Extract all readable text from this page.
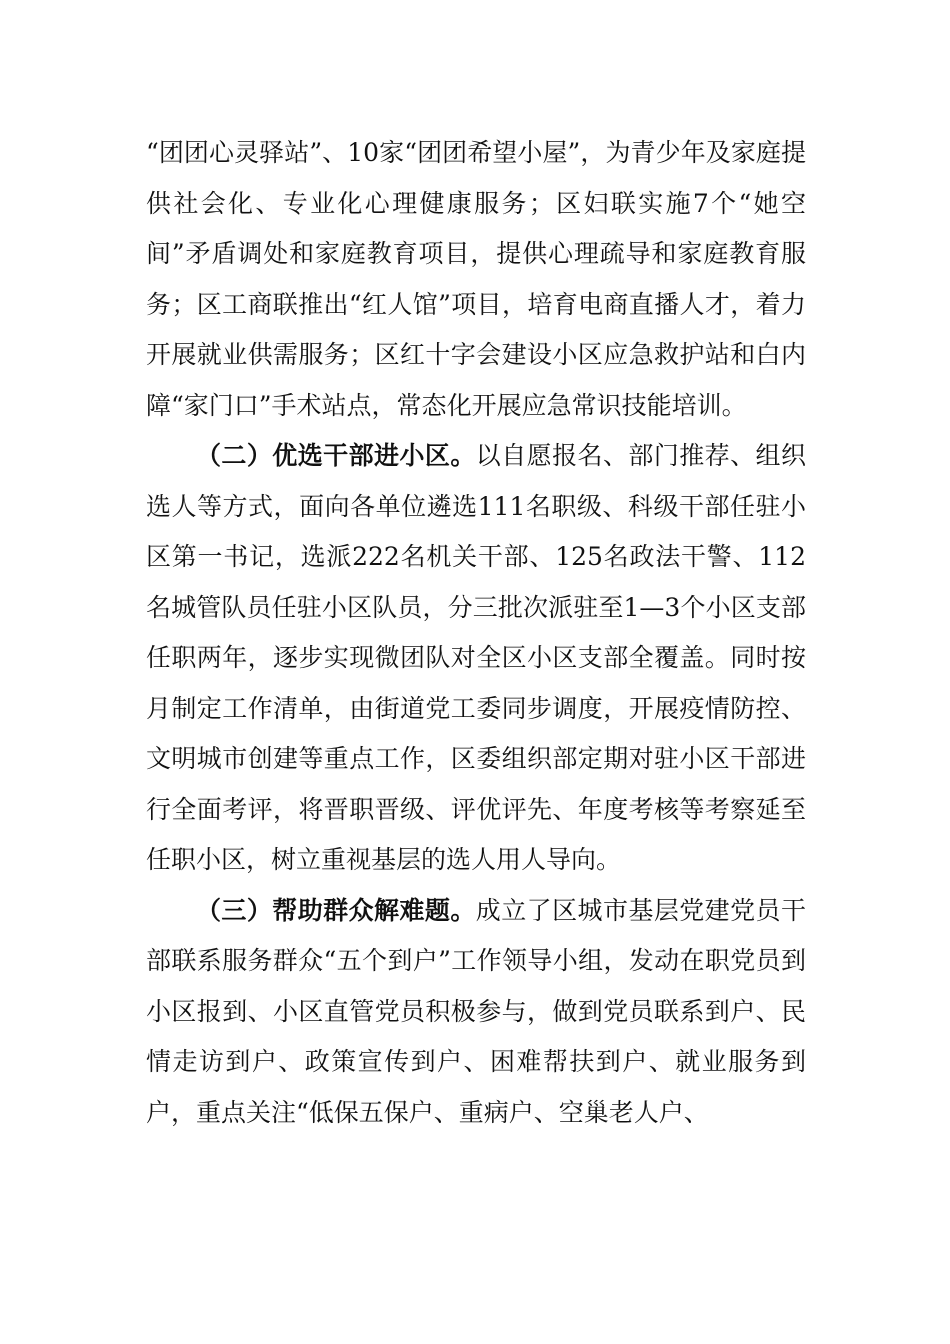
“团团心灵驿站”、10家“团团希望小屋”，为青少年及家庭提供社会化、专业化心理健康服务；区妇联实施7个“她空间”矛盾调处和家庭教育项目，提供心理疏导和家庭教育服务；区工商联推出“红人馆”项目，培育电商直播人才，着力开展就业供需服务；区红十字会建设小区应急救护站和白内障“家门口”手术站点，常态化开展应急常识技能培训。

（二）优选干部进小区。以自愿报名、部门推荐、组织选人等方式，面向各单位遴选111名职级、科级干部任驻小区第一书记，选派222名机关干部、125名政法干警、112名城管队员任驻小区队员，分三批次派驻至1—3个小区支部任职两年，逐步实现微团队对全区小区支部全覆盖。同时按月制定工作清单，由街道党工委同步调度，开展疫情防控、文明城市创建等重点工作，区委组织部定期对驻小区干部进行全面考评，将晋职晋级、评优评先、年度考核等考察延至任职小区，树立重视基层的选人用人导向。

（三）帮助群众解难题。成立了区城市基层党建党员干部联系服务群众“五个到户”工作领导小组，发动在职党员到小区报到、小区直管党员积极参与，做到党员联系到户、民情走访到户、政策宣传到户、困难帮扶到户、就业服务到户，重点关注“低保五保户、重病户、空巢老人户、
